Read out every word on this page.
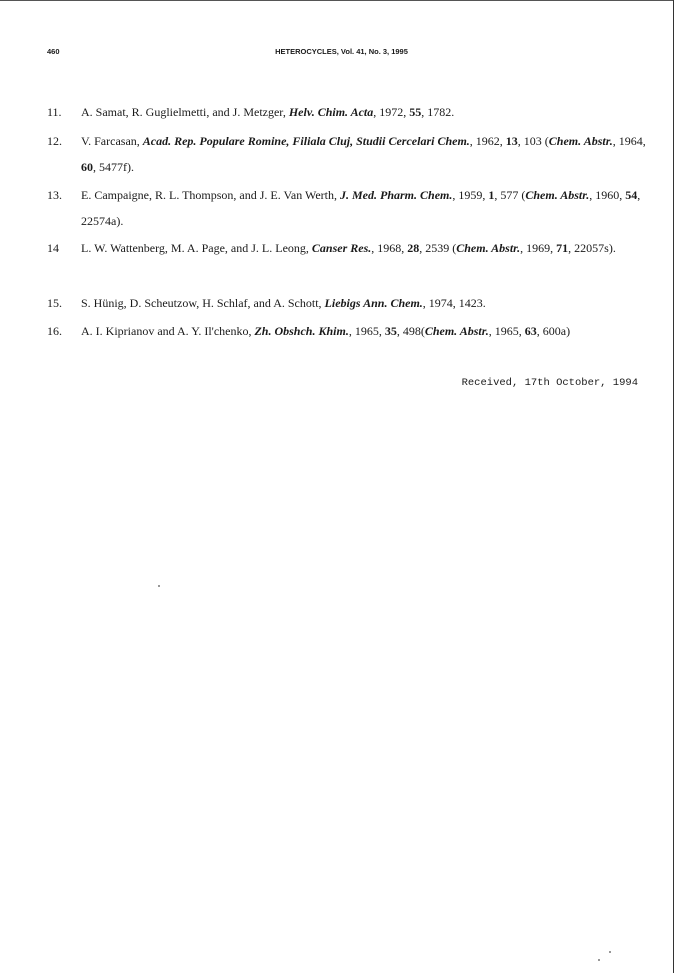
460	HETEROCYCLES, Vol. 41, No. 3, 1995
11. A. Samat, R. Guglielmetti, and J. Metzger, Helv. Chim. Acta, 1972, 55, 1782.
12. V. Farcasan, Acad. Rep. Populare Romine, Filiala Cluj, Studii Cercelari Chem., 1962, 13, 103 (Chem. Abstr., 1964, 60, 5477f).
13. E. Campaigne, R. L. Thompson, and J. E. Van Werth, J. Med. Pharm. Chem., 1959, 1, 577 (Chem. Abstr., 1960, 54, 22574a).
14 L. W. Wattenberg, M. A. Page, and J. L. Leong, Canser Res., 1968, 28, 2539 (Chem. Abstr., 1969, 71, 22057s).
15. S. Hünig, D. Scheutzow, H. Schlaf, and A. Schott, Liebigs Ann. Chem., 1974, 1423.
16. A. I. Kiprianov and A. Y. Il'chenko, Zh. Obshch. Khim., 1965, 35, 498(Chem. Abstr., 1965, 63, 600a)
Received, 17th October, 1994
